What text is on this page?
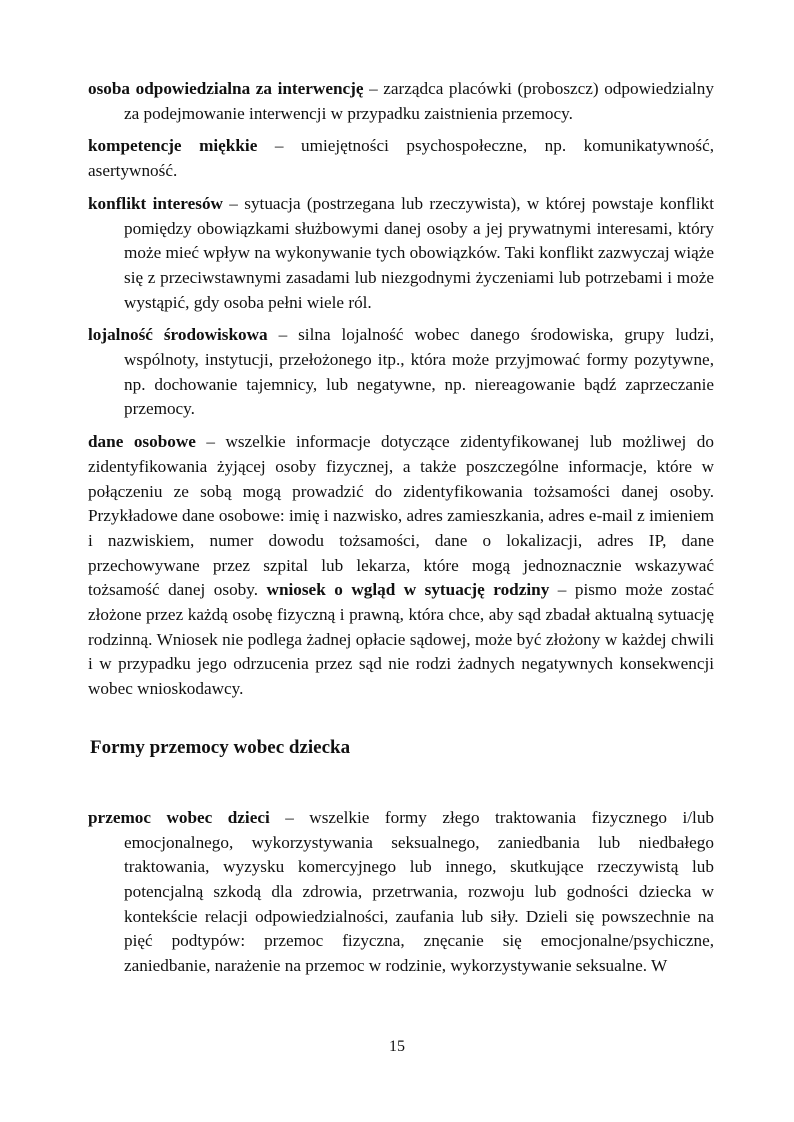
osoba odpowiedzialna za interwencję – zarządca placówki (proboszcz) odpowiedzialny za podejmowanie interwencji w przypadku zaistnienia przemocy.

kompetencje miękkie – umiejętności psychospołeczne, np. komunikatywność, asertywność.

konflikt interesów – sytuacja (postrzegana lub rzeczywista), w której powstaje konflikt pomiędzy obowiązkami służbowymi danej osoby a jej prywatnymi interesami, który może mieć wpływ na wykonywanie tych obowiązków. Taki konflikt zazwyczaj wiąże się z przeciwstawnymi zasadami lub niezgodnymi życzeniami lub potrzebami i może wystąpić, gdy osoba pełni wiele ról.

lojalność środowiskowa – silna lojalność wobec danego środowiska, grupy ludzi, wspólnoty, instytucji, przełożonego itp., która może przyjmować formy pozytywne, np. dochowanie tajemnicy, lub negatywne, np. niereagowanie bądź zaprzeczanie przemocy.

dane osobowe – wszelkie informacje dotyczące zidentyfikowanej lub możliwej do zidentyfikowania żyjącej osoby fizycznej, a także poszczególne informacje, które w połączeniu ze sobą mogą prowadzić do zidentyfikowania tożsamości danej osoby. Przykładowe dane osobowe: imię i nazwisko, adres zamieszkania, adres e-mail z imieniem i nazwiskiem, numer dowodu tożsamości, dane o lokalizacji, adres IP, dane przechowywane przez szpital lub lekarza, które mogą jednoznacznie wskazywać tożsamość danej osoby. wniosek o wgląd w sytuację rodziny – pismo może zostać złożone przez każdą osobę fizyczną i prawną, która chce, aby sąd zbadał aktualną sytuację rodzinną. Wniosek nie podlega żadnej opłacie sądowej, może być złożony w każdej chwili i w przypadku jego odrzucenia przez sąd nie rodzi żadnych negatywnych konsekwencji wobec wnioskodawcy.

Formy przemocy wobec dziecka

przemoc wobec dzieci – wszelkie formy złego traktowania fizycznego i/lub emocjonalnego, wykorzystywania seksualnego, zaniedbania lub niedbałego traktowania, wyzysku komercyjnego lub innego, skutkujące rzeczywistą lub potencjalną szkodą dla zdrowia, przetrwania, rozwoju lub godności dziecka w kontekście relacji odpowiedzialności, zaufania lub siły. Dzieli się powszechnie na pięć podtypów: przemoc fizyczna, znęcanie się emocjonalne/psychiczne, zaniedbanie, narażenie na przemoc w rodzinie, wykorzystywanie seksualne. W

15
